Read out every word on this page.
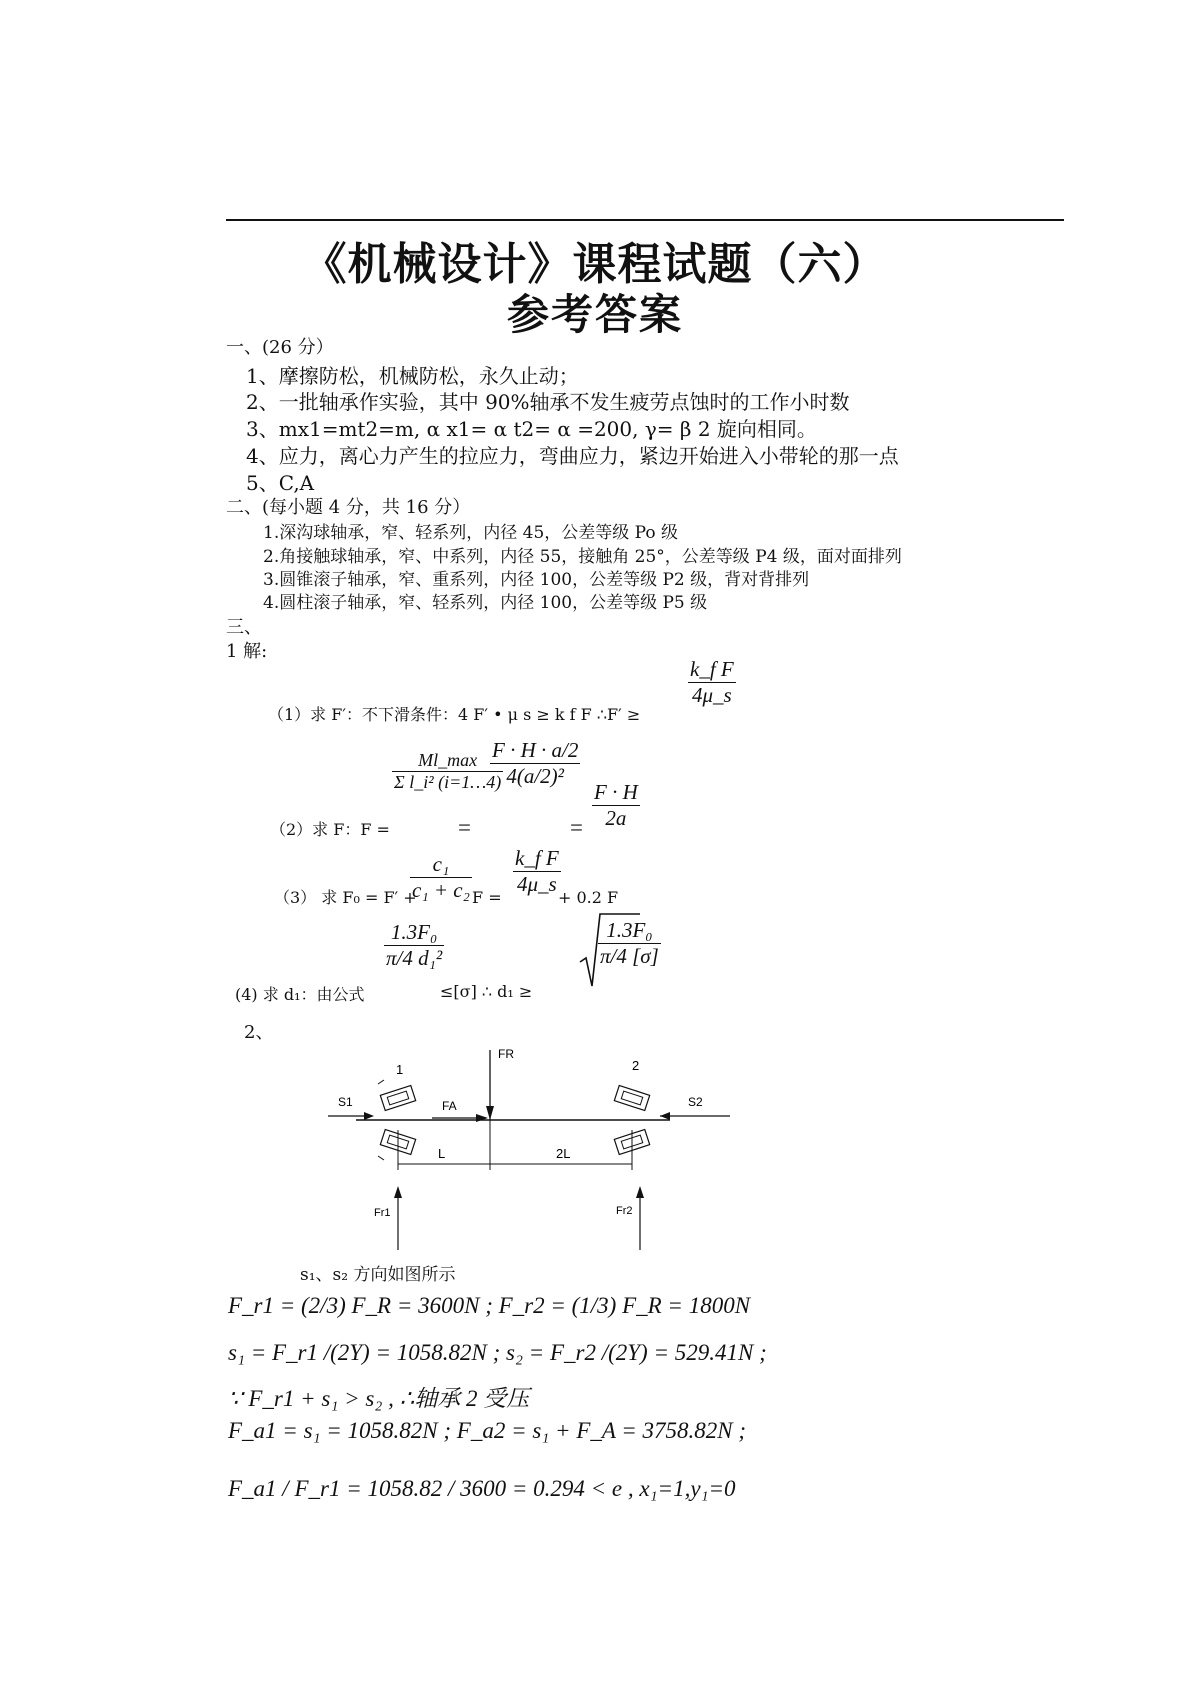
《机械设计》课程试题（六）
参考答案
一、(26 分）
1、摩擦防松，机械防松，永久止动；
2、一批轴承作实验，其中 90%轴承不发生疲劳点蚀时的工作小时数
3、mx1=mt2=m, α x1= α t2= α =200, γ= β 2 旋向相同。
4、应力，离心力产生的拉应力，弯曲应力，紧边开始进入小带轮的那一点
5、C,A
二、(每小题 4 分，共 16 分）
1.深沟球轴承，窄、轻系列，内径 45，公差等级 Po 级
2.角接触球轴承，窄、中系列，内径 55，接触角 25°，公差等级 P4 级，面对面排列
3.圆锥滚子轴承，窄、重系列，内径 100，公差等级 P2 级，背对背排列
4.圆柱滚子轴承，窄、轻系列，内径 100，公差等级 P5 级
三、
1 解:
（1）求 F′：不下滑条件：4 F′ • μ s ≥ k f F ∴F′ ≥
$\frac{\text{k\_f F}}{4\mu\_s}$
（2）求 F：F =
Ml_max
Σ l_i² (i=1…4)
=
$\frac{F \cdot H \cdot a/2}{\text{4(a/2)²}}$
= $\frac{F \cdot H}{2a}$
（3） 求 F₀ = F′ +
$\frac{\text{c₁}}{\text{c₁ + c₂}}$ F =
$\frac{\text{k\_f F}}{4\mu\_s}$
+ 0.2 F
(4) 求 d₁：由公式
$\frac{\text{1.3F₀}}{\text{π/4 d₁²}}$
≤[σ] ∴ d₁ ≥
$\frac{\text{1.3F₀}}{\pi/4 [\sigma]}$
2、
FR
FA
S1	S2
1	2
L	2L
Fr1	Fr2
s₁、s₂ 方向如图所示
F_r1 = (2/3) F_R = 3600N ; F_r2 = (1/3) F_R = 1800N
s₁ = F_r1 /(2Y) = 1058.82N ; s₂ = F_r2 /(2Y) = 529.41N ;
∵ F_r1 + s₁ > s₂ , ∴轴承 2 受压
F_a1 = s₁ = 1058.82N ; F_a2 = s₁ + F_A = 3758.82N ;
F_a1 / F_r1 = 1058.82 / 3600 = 0.294 < e , x₁=1,y₁=0
